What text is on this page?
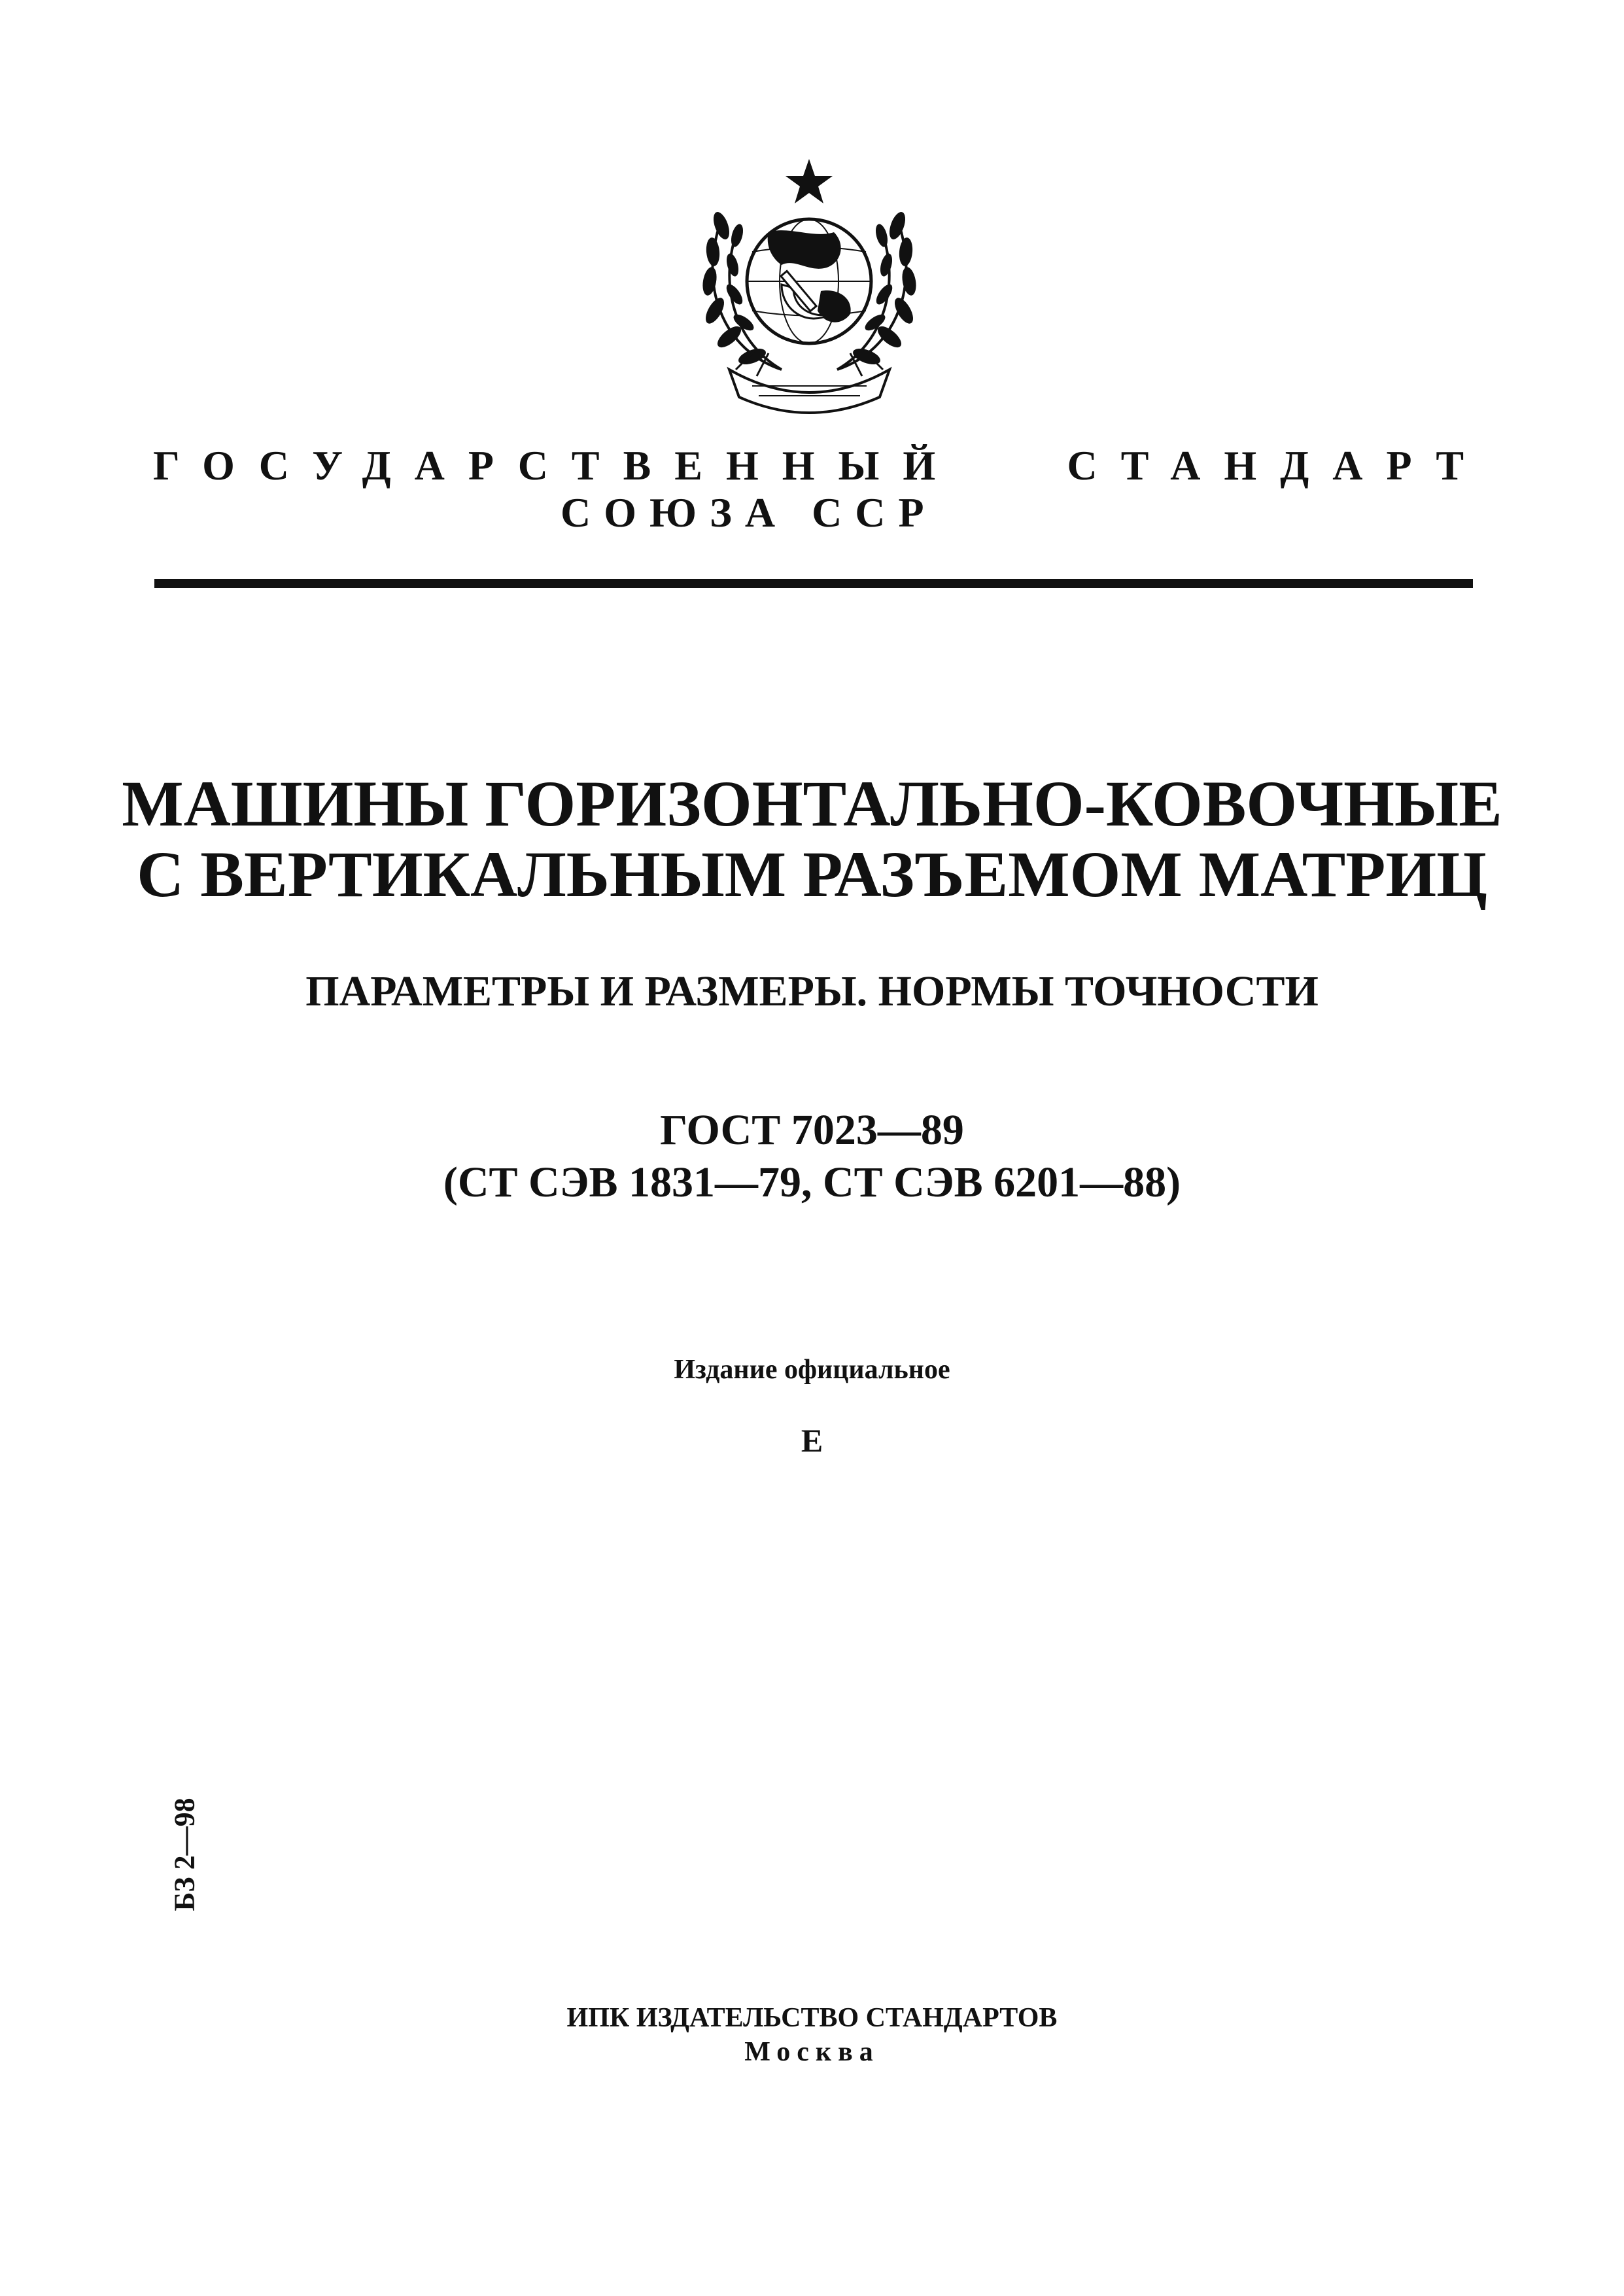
ГОСУДАРСТВЕННЫЙ	СТАНДАРТ
СОЮЗА ССР
МАШИНЫ ГОРИЗОНТАЛЬНО-КОВОЧНЫЕ
С ВЕРТИКАЛЬНЫМ РАЗЪЕМОМ МАТРИЦ
ПАРАМЕТРЫ И РАЗМЕРЫ. НОРМЫ ТОЧНОСТИ
ГОСТ 7023—89
(СТ СЭВ 1831—79, СТ СЭВ 6201—88)
Издание официальное
Е
БЗ 2—98
ИПК ИЗДАТЕЛЬСТВО СТАНДАРТОВ
Москва
